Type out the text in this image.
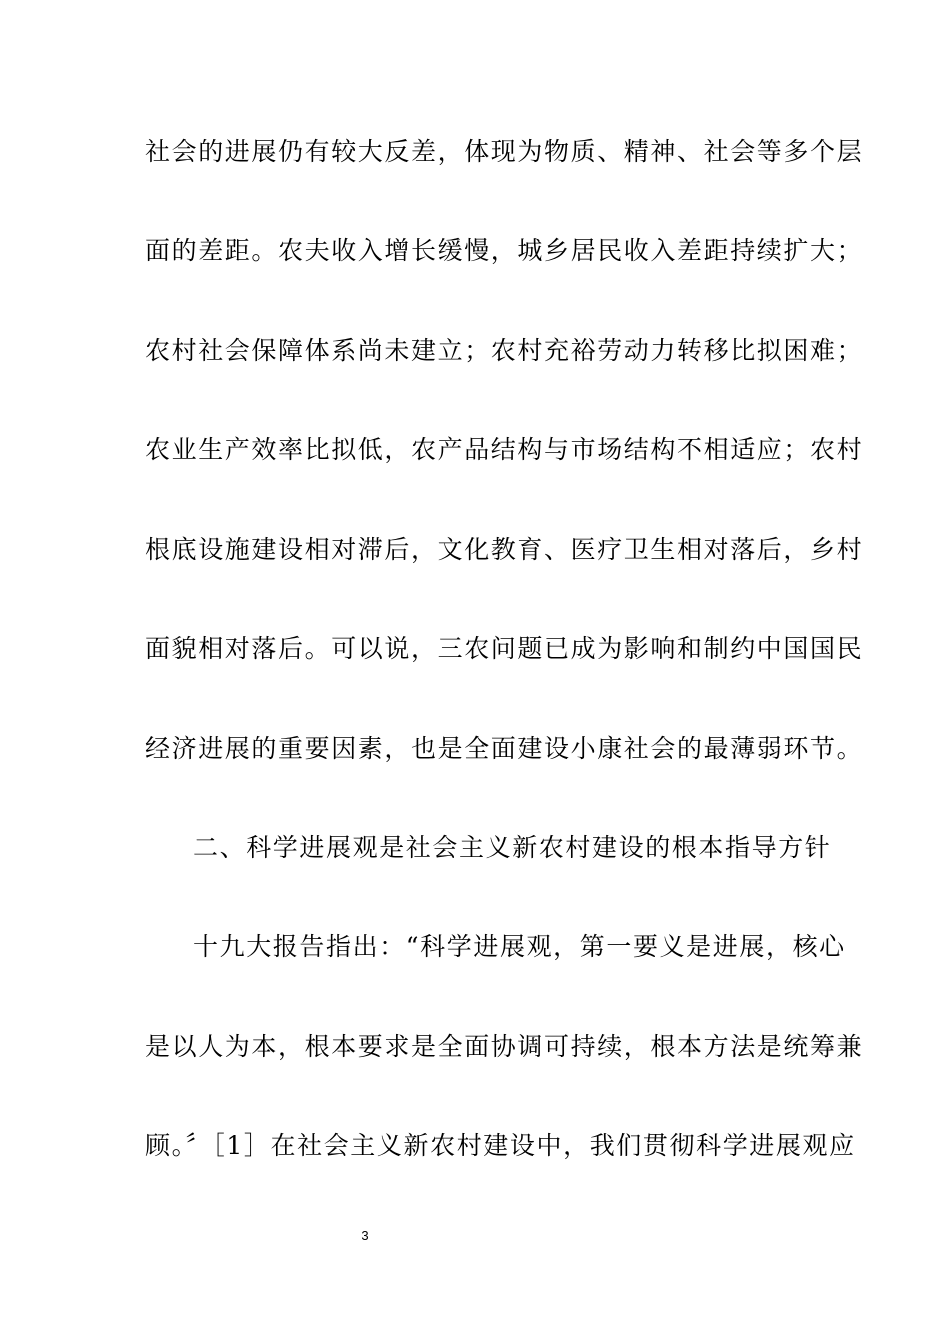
社会的进展仍有较大反差，体现为物质、精神、社会等多个层
面的差距。农夫收入增长缓慢，城乡居民收入差距持续扩大；
农村社会保障体系尚未建立；农村充裕劳动力转移比拟困难；
农业生产效率比拟低，农产品结构与市场结构不相适应；农村
根底设施建设相对滞后，文化教育、医疗卫生相对落后，乡村
面貌相对落后。可以说，三农问题已成为影响和制约中国国民
经济进展的重要因素，也是全面建设小康社会的最薄弱环节。
二、科学进展观是社会主义新农村建设的根本指导方针
十九大报告指出：“科学进展观，第一要义是进展，核心
是以人为本，根本要求是全面协调可持续，根本方法是统筹兼
顾。〞［1］在社会主义新农村建设中，我们贯彻科学进展观应
3
